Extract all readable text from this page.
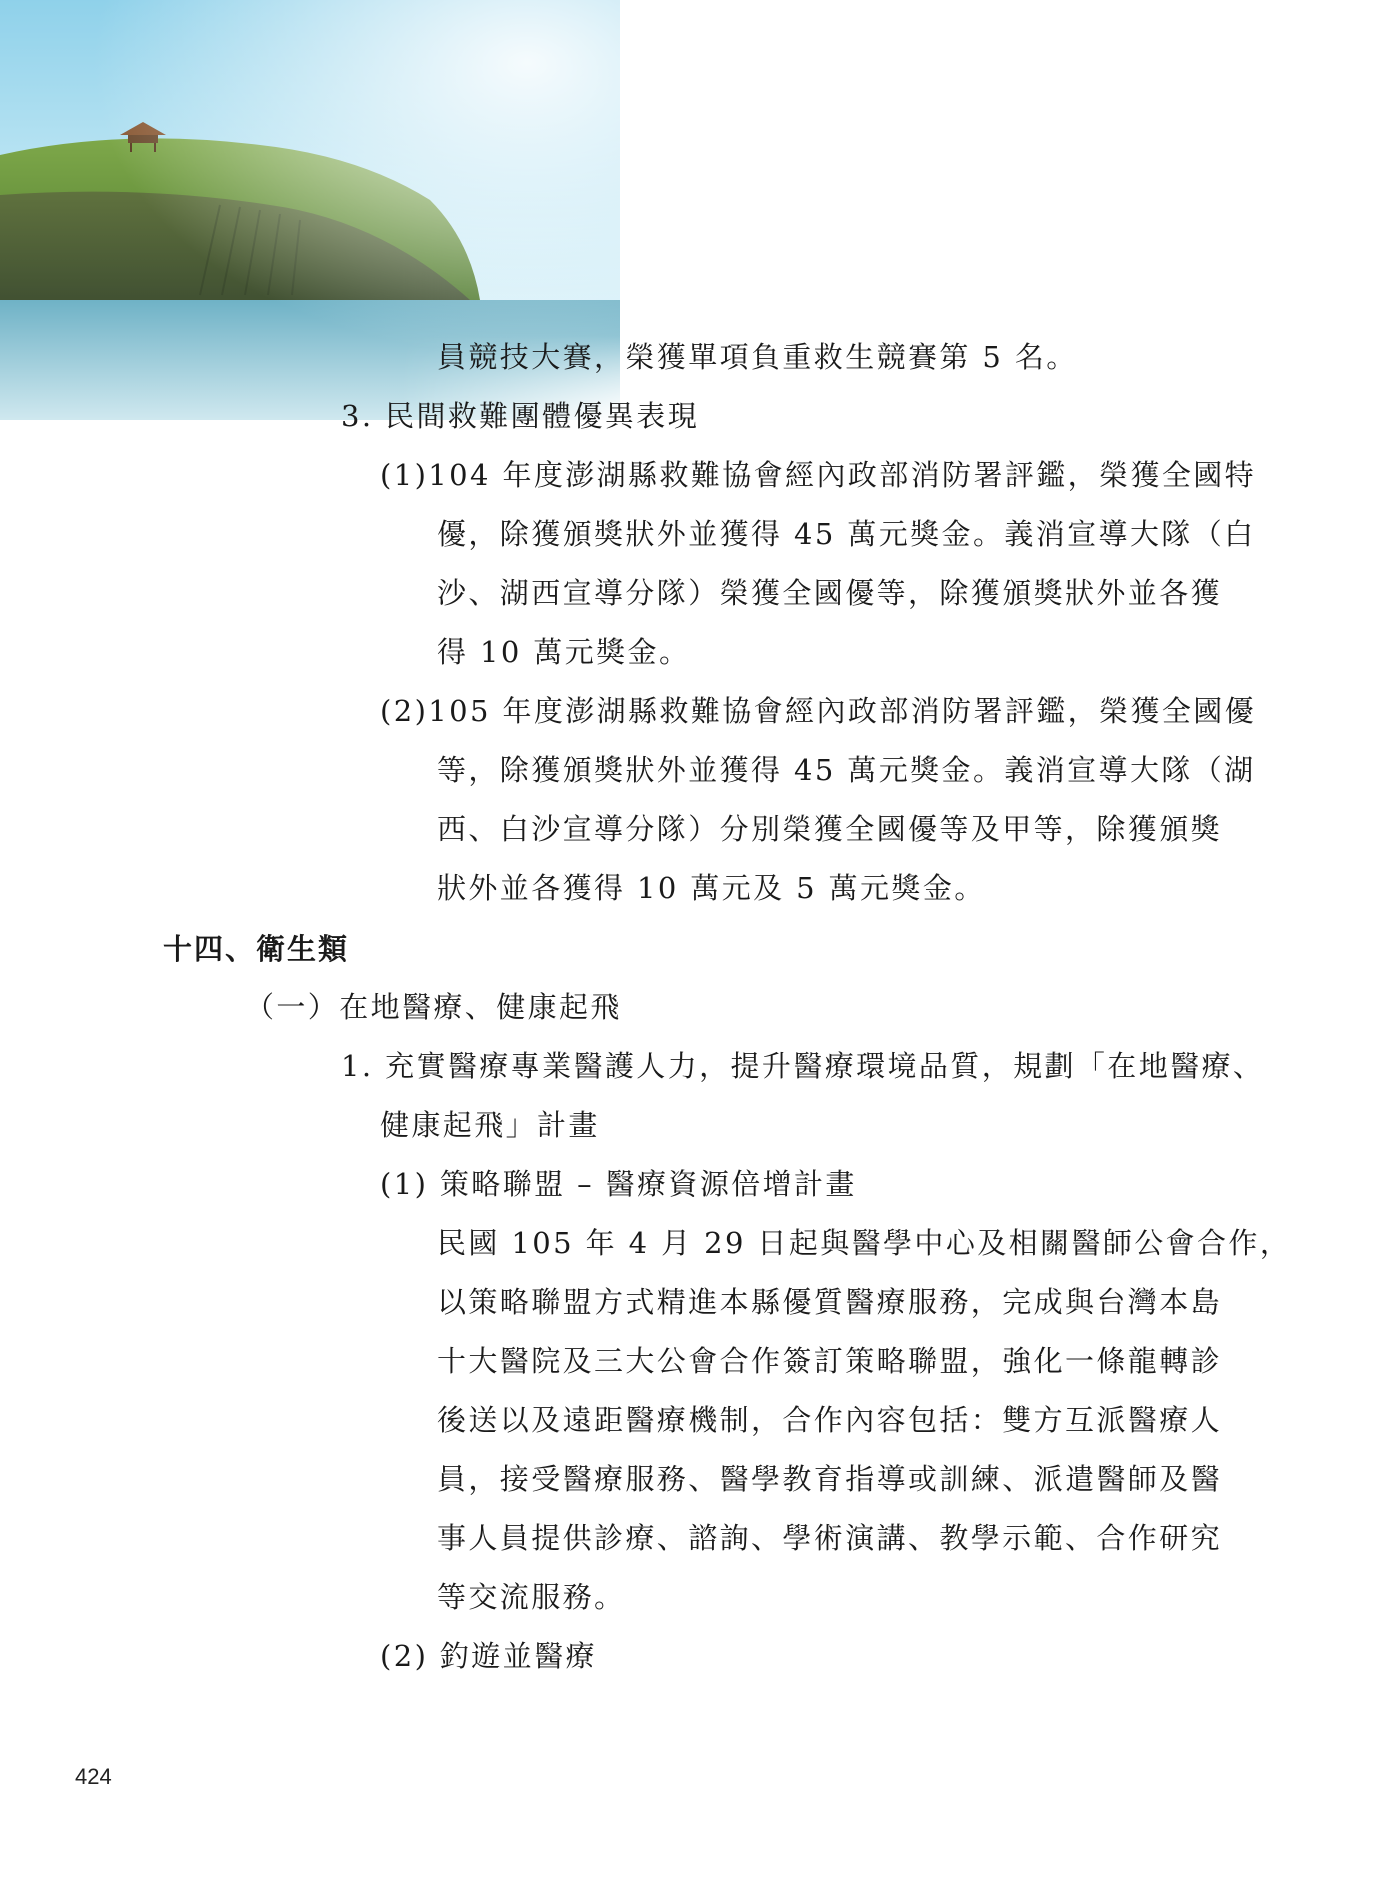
員競技大賽，榮獲單項負重救生競賽第 5 名。
3. 民間救難團體優異表現
(1)104 年度澎湖縣救難協會經內政部消防署評鑑，榮獲全國特
優，除獲頒獎狀外並獲得 45 萬元獎金。義消宣導大隊（白
沙、湖西宣導分隊）榮獲全國優等，除獲頒獎狀外並各獲
得 10 萬元獎金。
(2)105 年度澎湖縣救難協會經內政部消防署評鑑，榮獲全國優
等，除獲頒獎狀外並獲得 45 萬元獎金。義消宣導大隊（湖
西、白沙宣導分隊）分別榮獲全國優等及甲等，除獲頒獎
狀外並各獲得 10 萬元及 5 萬元獎金。
十四、衛生類
（一）在地醫療、健康起飛
1. 充實醫療專業醫護人力，提升醫療環境品質，規劃「在地醫療、
健康起飛」計畫
(1) 策略聯盟 – 醫療資源倍增計畫
民國 105 年 4 月 29 日起與醫學中心及相關醫師公會合作，
以策略聯盟方式精進本縣優質醫療服務，完成與台灣本島
十大醫院及三大公會合作簽訂策略聯盟，強化一條龍轉診
後送以及遠距醫療機制，合作內容包括：雙方互派醫療人
員，接受醫療服務、醫學教育指導或訓練、派遣醫師及醫
事人員提供診療、諮詢、學術演講、教學示範、合作研究
等交流服務。
(2) 釣遊並醫療
424
